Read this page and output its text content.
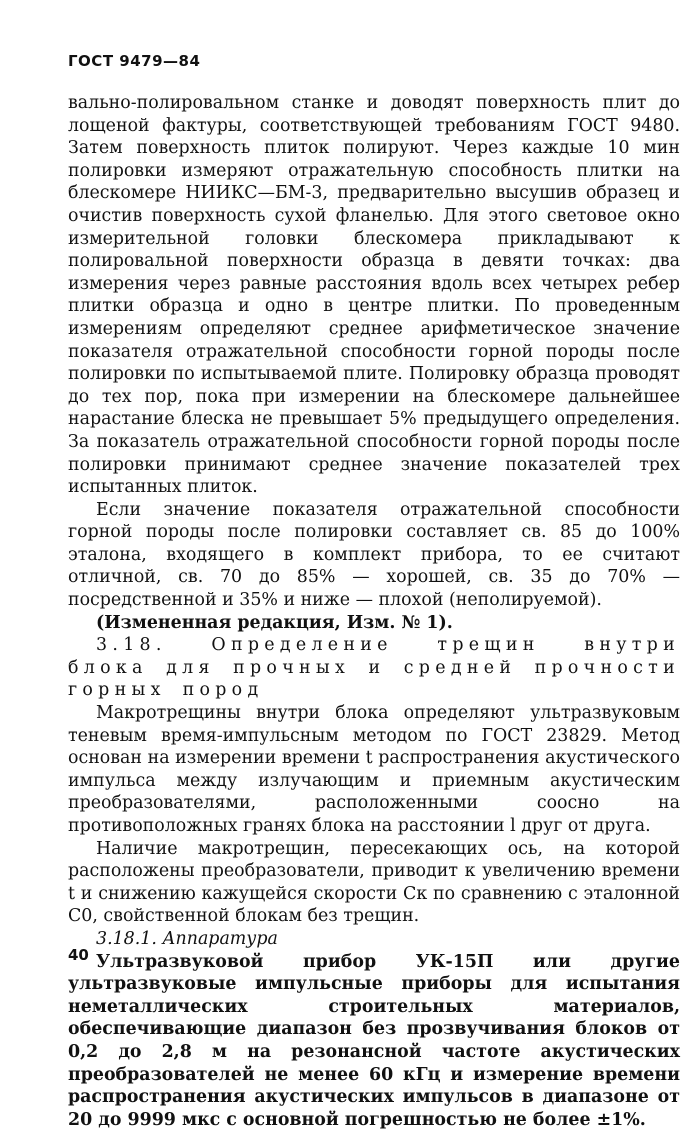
ГОСТ 9479—84

вально-полировальном станке и доводят поверхность плит до лощеной фактуры, соответствующей требованиям ГОСТ 9480. Затем поверхность плиток полируют. Через каждые 10 мин полировки измеряют отражательную способность плитки на блескомере НИИКС—БМ-3, предварительно высушив образец и очистив поверхность сухой фланелью. Для этого световое окно измерительной головки блескомера прикладывают к полировальной поверхности образца в девяти точках: два измерения через равные расстояния вдоль всех четырех ребер плитки образца и одно в центре плитки. По проведенным измерениям определяют среднее арифметическое значение показателя отражательной способности горной породы после полировки по испытываемой плите. Полировку образца проводят до тех пор, пока при измерении на блескомере дальнейшее нарастание блеска не превышает 5% предыдущего определения. За показатель отражательной способности горной породы после полировки принимают среднее значение показателей трех испытанных плиток.

Если значение показателя отражательной способности горной породы после полировки составляет св. 85 до 100% эталона, входящего в комплект прибора, то ее считают отличной, св. 70 до 85% — хорошей, св. 35 до 70% — посредственной и 35% и ниже — плохой (неполируемой).

(Измененная редакция, Изм. № 1).

3.18. Определение трещин внутри блока для прочных и средней прочности горных пород

Макротрещины внутри блока определяют ультразвуковым теневым время-импульсным методом по ГОСТ 23829. Метод основан на измерении времени t распространения акустического импульса между излучающим и приемным акустическим преобразователями, расположенными соосно на противоположных гранях блока на расстоянии l друг от друга.

Наличие макротрещин, пересекающих ось, на которой расположены преобразователи, приводит к увеличению времени t и снижению кажущейся скорости Cк по сравнению с эталонной C0, свойственной блокам без трещин.

3.18.1. Аппаратура

Ультразвуковой прибор УК-15П или другие ультразвуковые импульсные приборы для испытания неметаллических строительных материалов, обеспечивающие диапазон без прозвучивания блоков от 0,2 до 2,8 м на резонансной частоте акустических преобразователей не менее 60 кГц и измерение времени распространения акустических импульсов в диапазоне от 20 до 9999 мкс с основной погрешностью не более ±1%.

40
